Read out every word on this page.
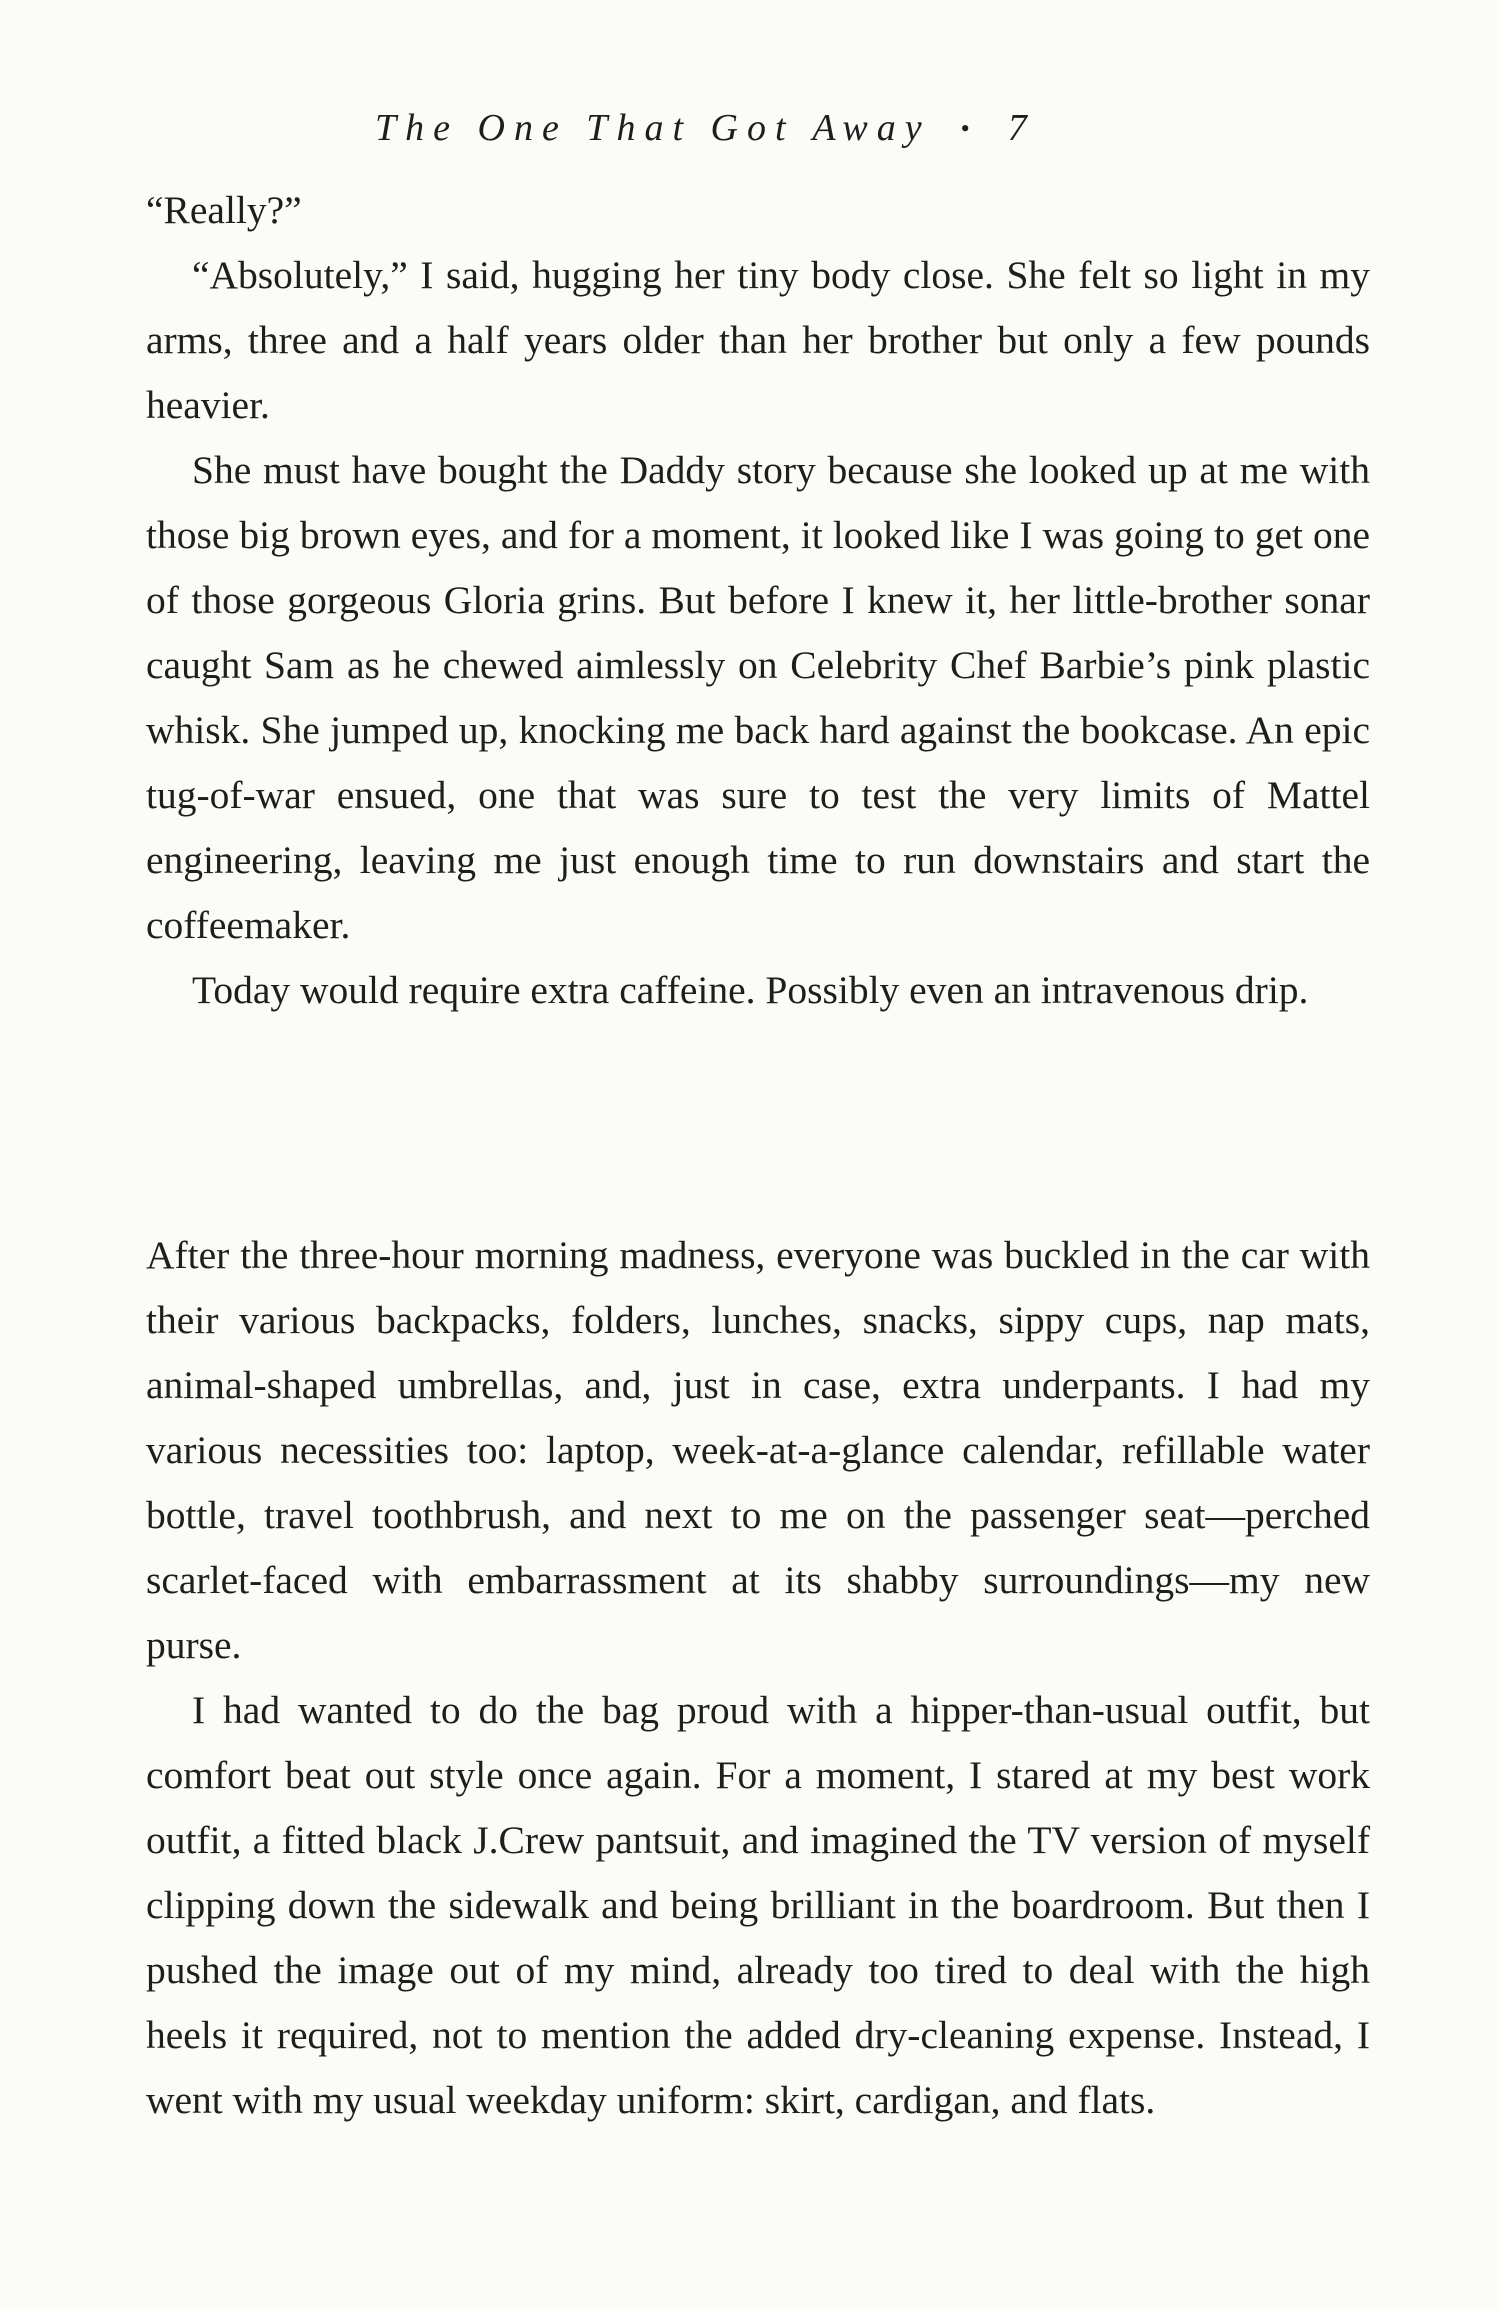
The One That Got Away • 7

“Really?”

“Absolutely,” I said, hugging her tiny body close. She felt so light in my arms, three and a half years older than her brother but only a few pounds heavier.

She must have bought the Daddy story because she looked up at me with those big brown eyes, and for a moment, it looked like I was going to get one of those gorgeous Gloria grins. But before I knew it, her little-brother sonar caught Sam as he chewed aimlessly on Celebrity Chef Barbie’s pink plastic whisk. She jumped up, knocking me back hard against the bookcase. An epic tug-of-war ensued, one that was sure to test the very limits of Mattel engineering, leaving me just enough time to run downstairs and start the coffeemaker.

Today would require extra caffeine. Possibly even an intravenous drip.

After the three-hour morning madness, everyone was buckled in the car with their various backpacks, folders, lunches, snacks, sippy cups, nap mats, animal-shaped umbrellas, and, just in case, extra underpants. I had my various necessities too: laptop, week-at-a-glance calendar, refillable water bottle, travel toothbrush, and next to me on the passenger seat—perched scarlet-faced with embarrassment at its shabby surroundings—my new purse.

I had wanted to do the bag proud with a hipper-than-usual outfit, but comfort beat out style once again. For a moment, I stared at my best work outfit, a fitted black J.Crew pantsuit, and imagined the TV version of myself clipping down the sidewalk and being brilliant in the boardroom. But then I pushed the image out of my mind, already too tired to deal with the high heels it required, not to mention the added dry-cleaning expense. Instead, I went with my usual weekday uniform: skirt, cardigan, and flats.
